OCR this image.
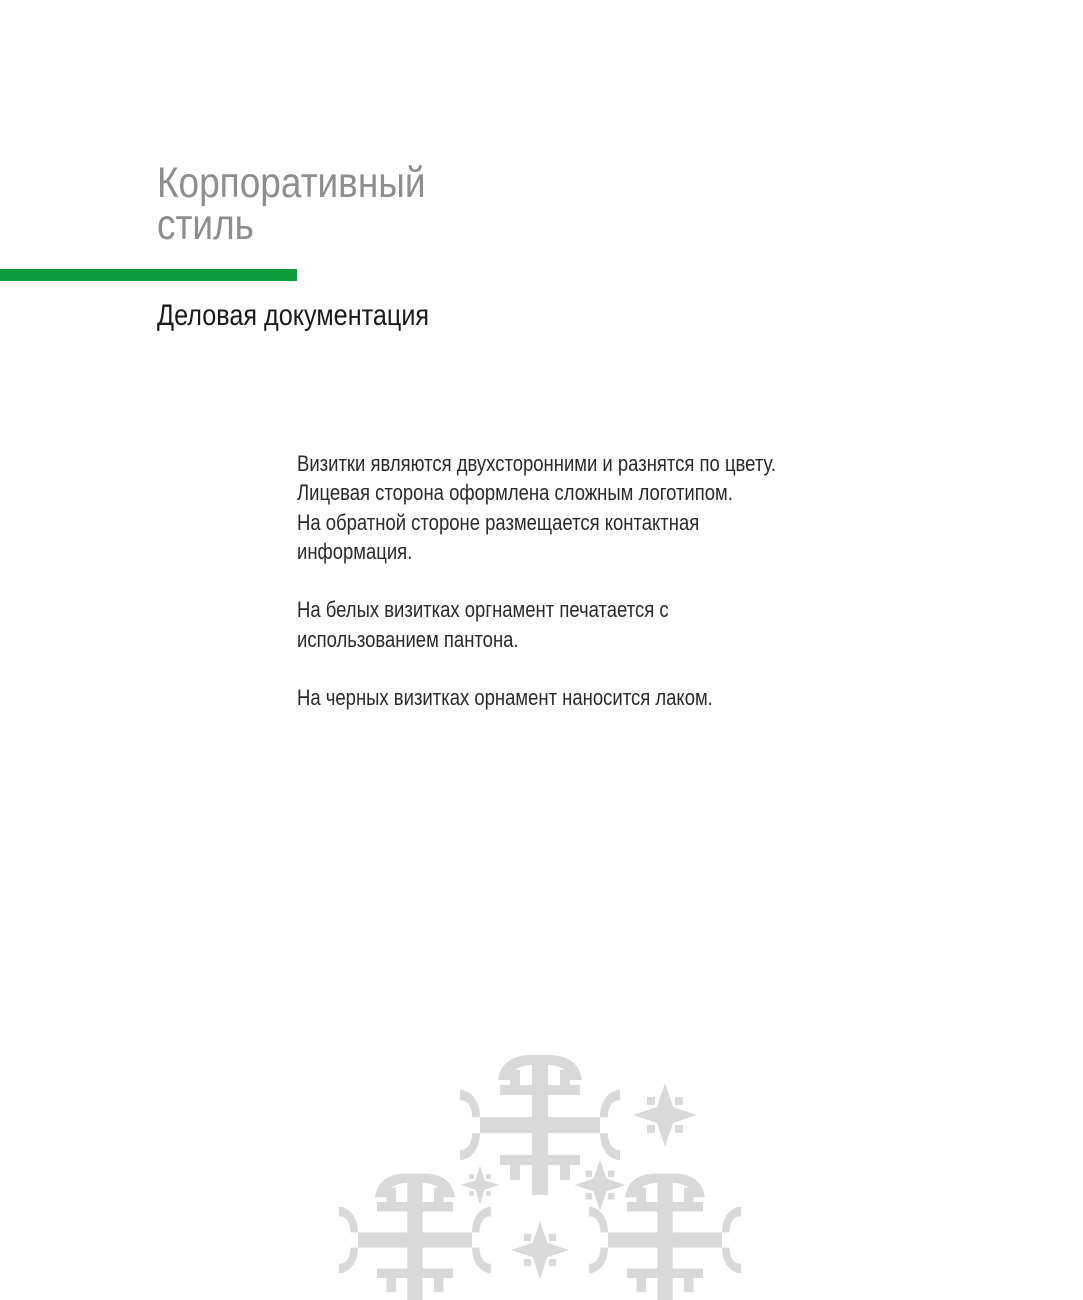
Корпоративный
стиль
Деловая документация

Визитки являются двухсторонними и разнятся по цвету.
Лицевая сторона оформлена сложным логотипом.
На обратной стороне размещается контактная
информация.

На белых визитках оргнамент печатается с
использованием пантона.

На черных визитках орнамент наносится лаком.
